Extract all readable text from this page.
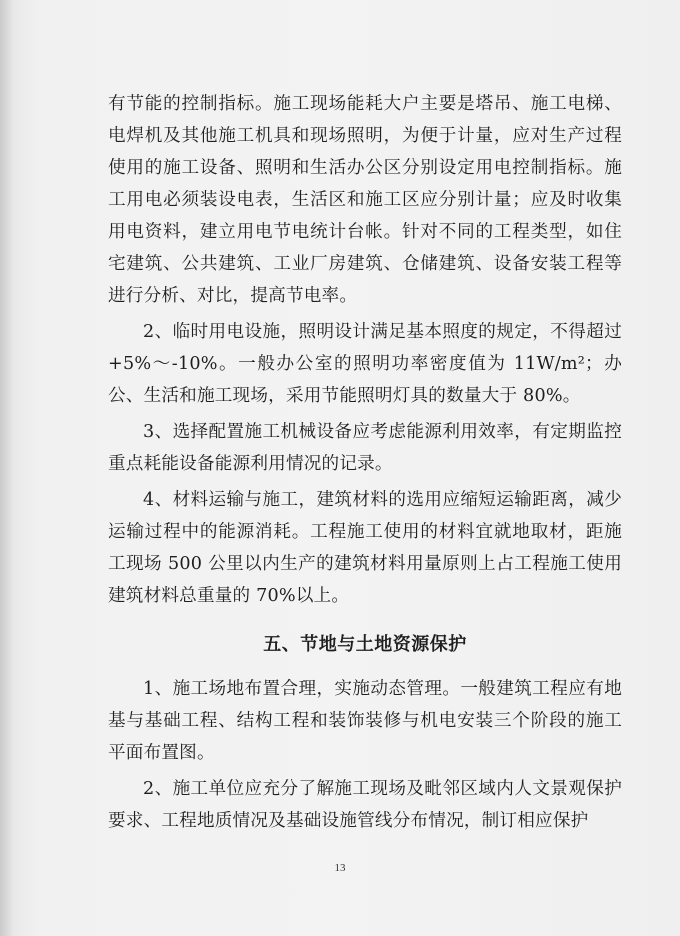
有节能的控制指标。施工现场能耗大户主要是塔吊、施工电梯、电焊机及其他施工机具和现场照明，为便于计量，应对生产过程使用的施工设备、照明和生活办公区分别设定用电控制指标。施工用电必须装设电表，生活区和施工区应分别计量；应及时收集用电资料，建立用电节电统计台帐。针对不同的工程类型，如住宅建筑、公共建筑、工业厂房建筑、仓储建筑、设备安装工程等进行分析、对比，提高节电率。

2、临时用电设施，照明设计满足基本照度的规定，不得超过+5%～-10%。一般办公室的照明功率密度值为 11W/m²；办公、生活和施工现场，采用节能照明灯具的数量大于 80%。

3、选择配置施工机械设备应考虑能源利用效率，有定期监控重点耗能设备能源利用情况的记录。

4、材料运输与施工，建筑材料的选用应缩短运输距离，减少运输过程中的能源消耗。工程施工使用的材料宜就地取材，距施工现场 500 公里以内生产的建筑材料用量原则上占工程施工使用建筑材料总重量的 70%以上。

五、节地与土地资源保护

1、施工场地布置合理，实施动态管理。一般建筑工程应有地基与基础工程、结构工程和装饰装修与机电安装三个阶段的施工平面布置图。

2、施工单位应充分了解施工现场及毗邻区域内人文景观保护要求、工程地质情况及基础设施管线分布情况，制订相应保护

13
